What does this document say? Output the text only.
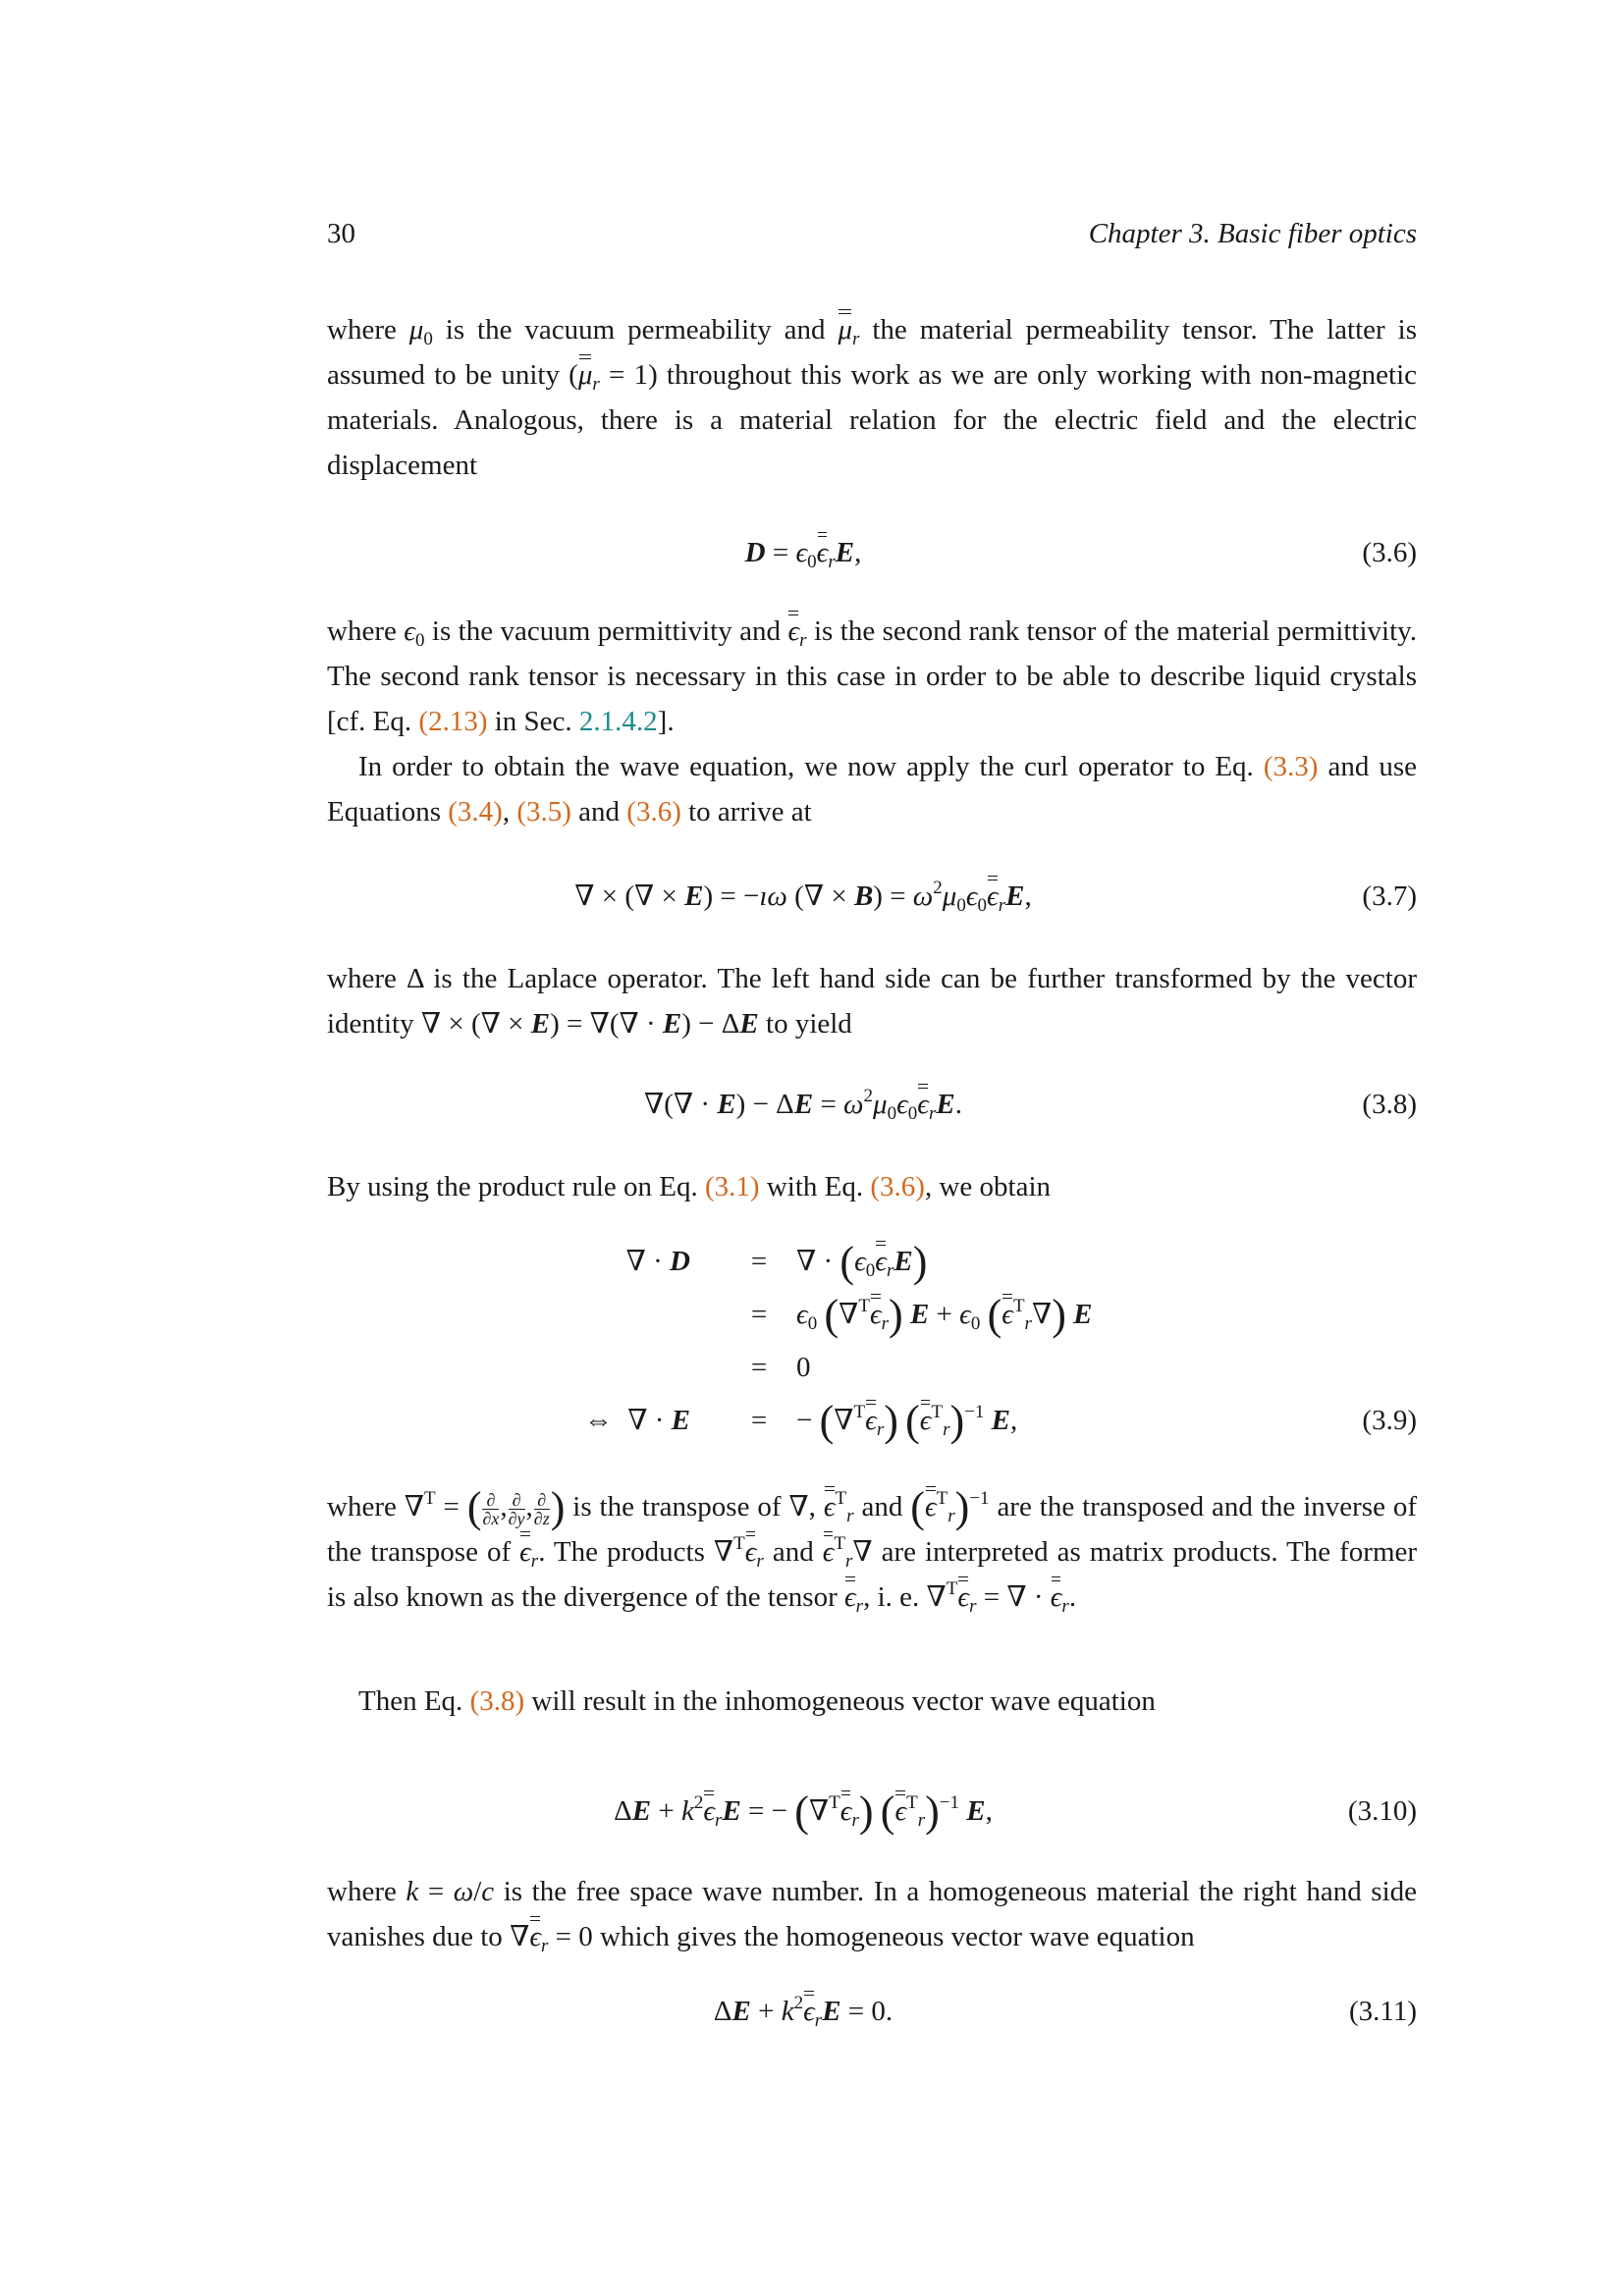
30	Chapter 3. Basic fiber optics
where $\mu_0$ is the vacuum permeability and $\mu_r$ the material permeability tensor. The latter is assumed to be unity $(\mu_r = 1)$ throughout this work as we are only working with non-magnetic materials. Analogous, there is a material relation for the electric field and the electric displacement
$D = \epsilon_0\epsilon_rE$,	(3.6)
where $\epsilon_0$ is the vacuum permittivity and $\epsilon_r$ is the second rank tensor of the material permittivity. The second rank tensor is necessary in this case in order to be able to describe liquid crystals [cf. Eq. (2.13) in Sec. 2.1.4.2].
In order to obtain the wave equation, we now apply the curl operator to Eq. (3.3) and use Equations (3.4), (3.5) and (3.6) to arrive at
∇ × (∇ × E) = −ıω (∇ × $B) = \omega^2\mu_0\epsilon_0\epsilon_rE$,	(3.7)
where Δ is the Laplace operator. The left hand side can be further transformed by the vector identity ∇ × (∇ × E) = ∇(∇ · E) − ΔE to yield
∇(∇ · $E) - \Delta E = \omega^2\mu_0\epsilon_0\epsilon_rE$.	(3.8)
By using the product rule on Eq. (3.1) with Eq. (3.6), we obtain
∇ · D = ∇ · $(\epsilon_0\epsilon_rE)$
= $\epsilon_0$ $(\nabla^T\epsilon_r) E + \epsilon_0$ $(\epsilon^T_r\nabla)$ E
= 0
⇔ ∇ · E = − $(\nabla^T\epsilon_r)$ $(\epsilon^T_r)^{-1}$ E,	(3.9)
where ∇$^T$ = ( $\frac{\partial}{\partial x}$ , $\frac{\partial}{\partial y}$ , $\frac{\partial}{\partial z}$ ) is the transpose of ∇, $\epsilon^T_r$ and $(\epsilon^T_r)^{-1}$ are the transposed and the inverse of the transpose of $\epsilon_r$. The products $\nabla^T\epsilon_r$ and $\epsilon^T_r\nabla$ are interpreted as matrix products. The former is also known as the divergence of the tensor $\epsilon_r$, i. e. $\nabla^T\epsilon_r$ = ∇ · $\epsilon_r$.
Then Eq. (3.8) will result in the inhomogeneous vector wave equation
$\Delta E + k^2\epsilon_rE$ = − $(\nabla^T\epsilon_r)$ $(\epsilon^T_r)^{-1}$ E,	(3.10)
where k = ω/c is the free space wave number. In a homogeneous material the right hand side vanishes due to $\nabla\epsilon_r = 0$ which gives the homogeneous vector wave equation
$\Delta E + k^2\epsilon_rE = 0$.	(3.11)
